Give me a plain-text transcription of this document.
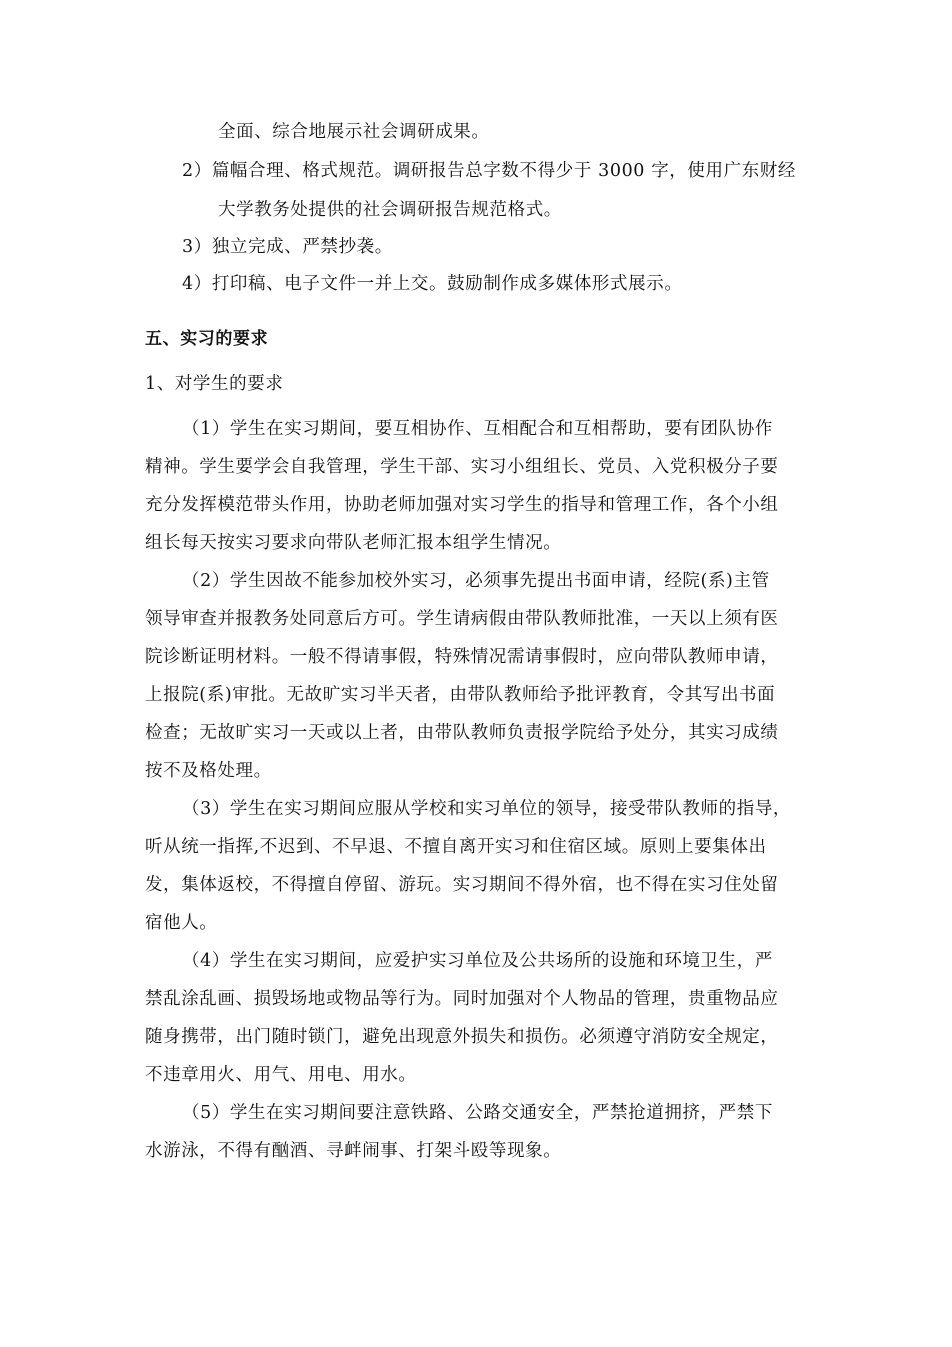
全面、综合地展示社会调研成果。
2）篇幅合理、格式规范。调研报告总字数不得少于 3000 字，使用广东财经
大学教务处提供的社会调研报告规范格式。
3）独立完成、严禁抄袭。
4）打印稿、电子文件一并上交。鼓励制作成多媒体形式展示。
五、实习的要求
1、对学生的要求
（1）学生在实习期间，要互相协作、互相配合和互相帮助，要有团队协作
精神。学生要学会自我管理，学生干部、实习小组组长、党员、入党积极分子要
充分发挥模范带头作用，协助老师加强对实习学生的指导和管理工作，各个小组
组长每天按实习要求向带队老师汇报本组学生情况。
（2）学生因故不能参加校外实习，必须事先提出书面申请，经院(系)主管
领导审查并报教务处同意后方可。学生请病假由带队教师批准，一天以上须有医
院诊断证明材料。一般不得请事假，特殊情况需请事假时，应向带队教师申请，
上报院(系)审批。无故旷实习半天者，由带队教师给予批评教育，令其写出书面
检查；无故旷实习一天或以上者，由带队教师负责报学院给予处分，其实习成绩
按不及格处理。
（3）学生在实习期间应服从学校和实习单位的领导，接受带队教师的指导，
听从统一指挥,不迟到、不早退、不擅自离开实习和住宿区域。原则上要集体出
发，集体返校，不得擅自停留、游玩。实习期间不得外宿，也不得在实习住处留
宿他人。
（4）学生在实习期间，应爱护实习单位及公共场所的设施和环境卫生，严
禁乱涂乱画、损毁场地或物品等行为。同时加强对个人物品的管理，贵重物品应
随身携带，出门随时锁门，避免出现意外损失和损伤。必须遵守消防安全规定，
不违章用火、用气、用电、用水。
（5）学生在实习期间要注意铁路、公路交通安全，严禁抢道拥挤，严禁下
水游泳，不得有酗酒、寻衅闹事、打架斗殴等现象。
